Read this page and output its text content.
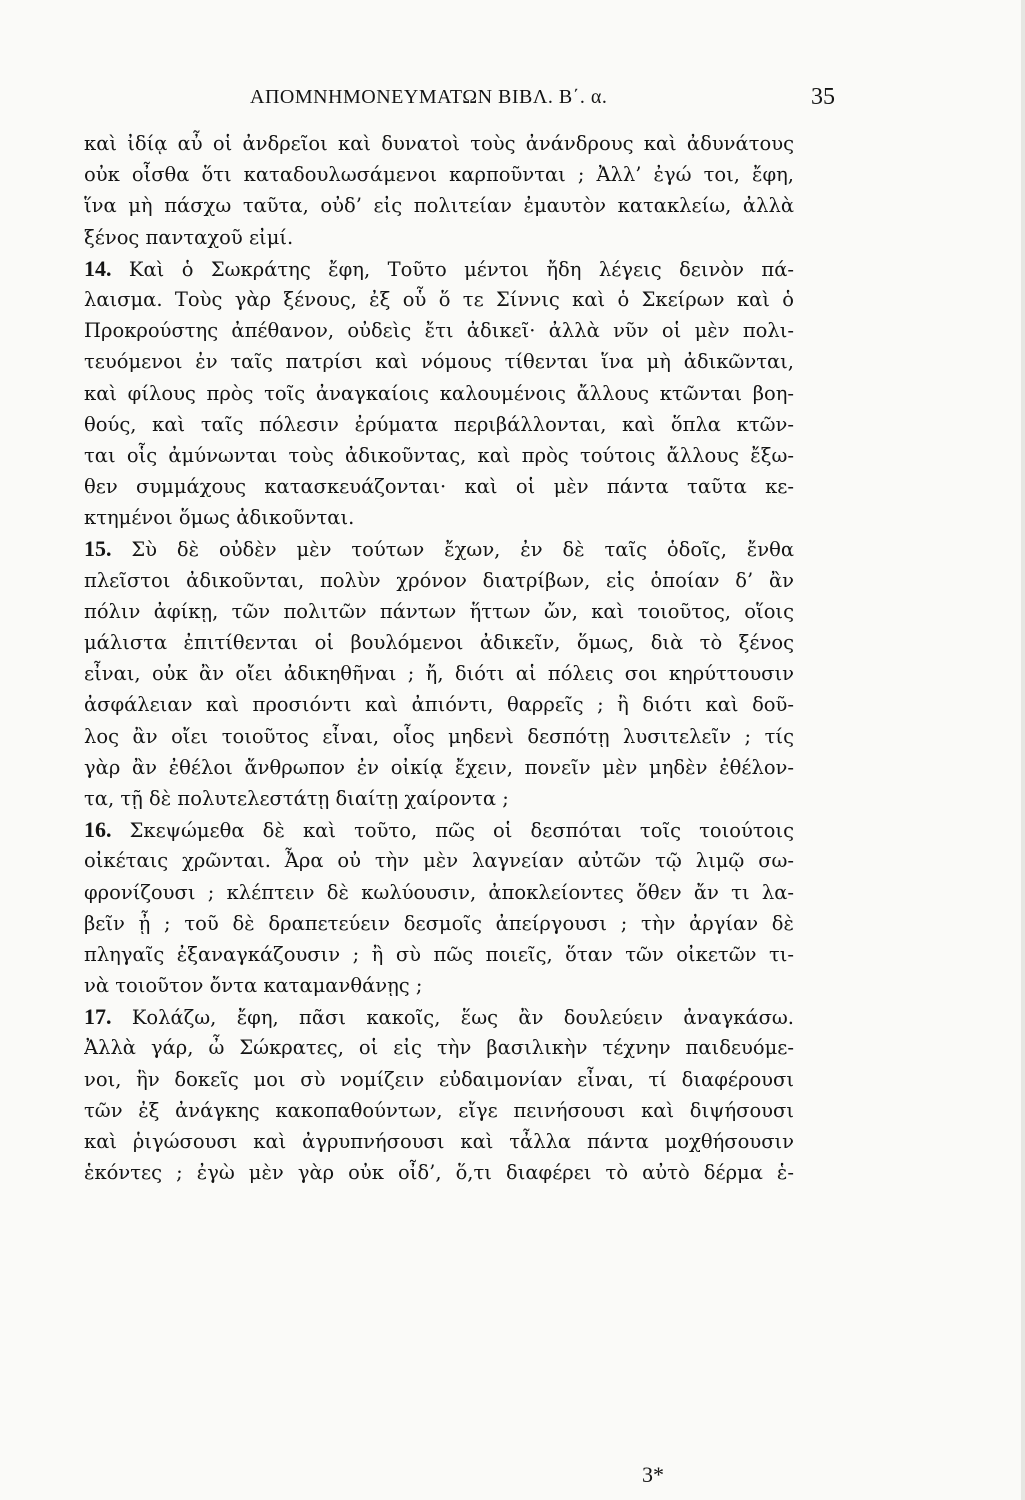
ΑΠΟΜΝΗΜΟΝΕΥΜΑΤΩΝ ΒΙΒΛ. Β΄. α.	35
καὶ ἰδίᾳ αὖ οἱ ἀνδρεῖοι καὶ δυνατοὶ τοὺς ἀνάνδρους καὶ ἀδυνάτους
οὐκ οἶσθα ὅτι καταδουλωσάμενοι καρποῦνται ; Ἀλλ’ ἐγώ τοι, ἔφη,
ἵνα μὴ πάσχω ταῦτα, οὐδ’ εἰς πολιτείαν ἐμαυτὸν κατακλείω, ἀλλὰ
ξένος πανταχοῦ εἰμί.
14. Καὶ ὁ Σωκράτης ἔφη, Τοῦτο μέντοι ἤδη λέγεις δεινὸν πά-
λαισμα. Τοὺς γὰρ ξένους, ἐξ οὗ ὅ τε Σίννις καὶ ὁ Σκείρων καὶ ὁ
Προκρούστης ἀπέθανον, οὐδεὶς ἔτι ἀδικεῖ· ἀλλὰ νῦν οἱ μὲν πολι-
τευόμενοι ἐν ταῖς πατρίσι καὶ νόμους τίθενται ἵνα μὴ ἀδικῶνται,
καὶ φίλους πρὸς τοῖς ἀναγκαίοις καλουμένοις ἄλλους κτῶνται βοη-
θούς, καὶ ταῖς πόλεσιν ἐρύματα περιβάλλονται, καὶ ὅπλα κτῶν-
ται οἷς ἀμύνωνται τοὺς ἀδικοῦντας, καὶ πρὸς τούτοις ἄλλους ἔξω-
θεν συμμάχους κατασκευάζονται· καὶ οἱ μὲν πάντα ταῦτα κε-
κτημένοι ὅμως ἀδικοῦνται.
15. Σὺ δὲ οὐδὲν μὲν τούτων ἔχων, ἐν δὲ ταῖς ὁδοῖς, ἔνθα
πλεῖστοι ἀδικοῦνται, πολὺν χρόνον διατρίβων, εἰς ὁποίαν δ’ ἂν
πόλιν ἀφίκῃ, τῶν πολιτῶν πάντων ἥττων ὤν, καὶ τοιοῦτος, οἵοις
μάλιστα ἐπιτίθενται οἱ βουλόμενοι ἀδικεῖν, ὅμως, διὰ τὸ ξένος
εἶναι, οὐκ ἂν οἴει ἀδικηθῆναι ; ἤ, διότι αἱ πόλεις σοι κηρύττουσιν
ἀσφάλειαν καὶ προσιόντι καὶ ἀπιόντι, θαρρεῖς ; ἢ διότι καὶ δοῦ-
λος ἂν οἴει τοιοῦτος εἶναι, οἷος μηδενὶ δεσπότῃ λυσιτελεῖν ; τίς
γὰρ ἂν ἐθέλοι ἄνθρωπον ἐν οἰκίᾳ ἔχειν, πονεῖν μὲν μηδὲν ἐθέλον-
τα, τῇ δὲ πολυτελεστάτῃ διαίτῃ χαίροντα ;
16. Σκεψώμεθα δὲ καὶ τοῦτο, πῶς οἱ δεσπόται τοῖς τοιούτοις
οἰκέταις χρῶνται. Ἆρα οὐ τὴν μὲν λαγνείαν αὐτῶν τῷ λιμῷ σω-
φρονίζουσι ; κλέπτειν δὲ κωλύουσιν, ἀποκλείοντες ὅθεν ἄν τι λα-
βεῖν ᾖ ; τοῦ δὲ δραπετεύειν δεσμοῖς ἀπείργουσι ; τὴν ἀργίαν δὲ
πληγαῖς ἐξαναγκάζουσιν ; ἢ σὺ πῶς ποιεῖς, ὅταν τῶν οἰκετῶν τι-
νὰ τοιοῦτον ὄντα καταμανθάνῃς ;
17. Κολάζω, ἔφη, πᾶσι κακοῖς, ἕως ἂν δουλεύειν ἀναγκάσω.
Ἀλλὰ γάρ, ὦ Σώκρατες, οἱ εἰς τὴν βασιλικὴν τέχνην παιδευόμε-
νοι, ἣν δοκεῖς μοι σὺ νομίζειν εὐδαιμονίαν εἶναι, τί διαφέρουσι
τῶν ἐξ ἀνάγκης κακοπαθούντων, εἴγε πεινήσουσι καὶ διψήσουσι
καὶ ῥιγώσουσι καὶ ἀγρυπνήσουσι καὶ τἆλλα πάντα μοχθήσουσιν
ἑκόντες ; ἐγὼ μὲν γὰρ οὐκ οἶδ’, ὅ,τι διαφέρει τὸ αὐτὸ δέρμα ἑ-
3*
